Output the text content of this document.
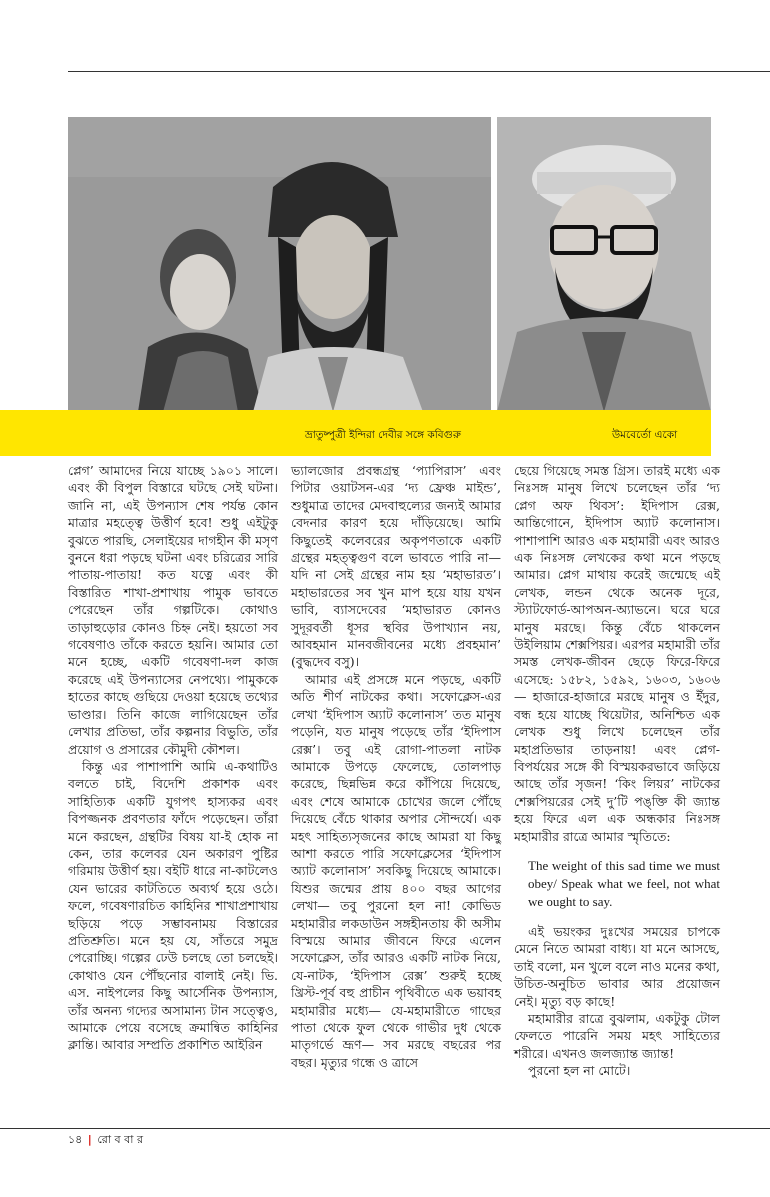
ভ্রাতুষ্পুত্রী ইন্দিরা দেবীর সঙ্গে কবিগুরু	উমবের্তো একো

প্লেগ’ আমাদের নিয়ে যাচ্ছে ১৯০১ সালে। এবং কী বিপুল বিস্তারে ঘটছে সেই ঘটনা। জানি না, এই উপন্যাস শেষ পর্যন্ত কোন মাত্রার মহত্ত্বে উত্তীর্ণ হবে! শুধু এইটুকু বুঝতে পারছি, সেলাইয়ের দাগহীন কী মসৃণ বুননে ধরা পড়ছে ঘটনা এবং চরিত্রের সারি পাতায়-পাতায়! কত যত্নে এবং কী বিস্তারিত শাখা-প্রশাখায় পামুক ভাবতে পেরেছেন তাঁর গল্পটিকে। কোথাও তাড়াহুড়োর কোনও চিহ্ন নেই। হয়তো সব গবেষণাও তাঁকে করতে হয়নি। আমার তো মনে হচ্ছে, একটি গবেষণা-দল কাজ করেছে এই উপন্যাসের নেপথ্যে। পামুককে হাতের কাছে গুছিয়ে দেওয়া হয়েছে তথ্যের ভাণ্ডার। তিনি কাজে লাগিয়েছেন তাঁর লেখার প্রতিভা, তাঁর কল্পনার বিভুতি, তাঁর প্রয়োগ ও প্রসারের কৌমুদী কৌশল।

কিন্তু এর পাশাপাশি আমি এ-কথাটিও বলতে চাই, বিদেশি প্রকাশক এবং সাহিত্যিক একটি যুগপৎ হাস্যকর এবং বিপজ্জনক প্রবণতার ফাঁদে পড়েছেন। তাঁরা মনে করছেন, গ্রন্থটির বিষয় যা-ই হোক না কেন, তার কলেবর যেন অকারণ পুষ্টির গরিমায় উত্তীর্ণ হয়। বইটি ধারে না-কাটলেও যেন ভারের কাটতিতে অব্যর্থ হয়ে ওঠে। ফলে, গবেষণারচিত কাহিনির শাখাপ্রশাখায় ছড়িয়ে পড়ে সম্ভাবনাময় বিস্তারের প্রতিশ্রুতি। মনে হয় যে, সাঁতরে সমুদ্র পেরোচ্ছি। গল্পের ঢেউ চলছে তো চলছেই। কোথাও যেন পৌঁছনোর বালাই নেই। ভি. এস. নাইপলের কিছু আর্সেনিক উপন্যাস, তাঁর অনন্য গদ্যের অসামান্য টান সত্ত্বেও, আমাকে পেয়ে বসেছে ক্রমান্বিত কাহিনির ক্লান্তি। আবার সম্প্রতি প্রকাশিত আইরিন

ভ্যালজোর প্রবন্ধগ্রন্থ ‘প্যাপিরাস’ এবং পিটার ওয়াটসন-এর ‘দ্য ফ্রেঞ্চ মাইন্ড’, শুধুমাত্র তাদের মেদবাহুল্যের জন্যই আমার বেদনার কারণ হয়ে দাঁড়িয়েছে। আমি কিছুতেই কলেবরের অকৃপণতাকে একটি গ্রন্থের মহত্ত্বগুণ বলে ভাবতে পারি না— যদি না সেই গ্রন্থের নাম হয় ‘মহাভারত’। মহাভারতের সব খুন মাপ হয়ে যায় যখন ভাবি, ব্যাসদেবের ‘মহাভারত কোনও সুদূরবর্তী ধূসর স্থবির উপাখ্যান নয়, আবহমান মানবজীবনের মধ্যে প্রবহমান’ (বুদ্ধদেব বসু)।

আমার এই প্রসঙ্গে মনে পড়ছে, একটি অতি শীর্ণ নাটকের কথা। সফোক্লেস-এর লেখা ‘ইদিপাস অ্যাট কলোনাস’ তত মানুষ পড়েনি, যত মানুষ পড়েছে তাঁর ‘ইদিপাস রেক্স’। তবু এই রোগা-পাতলা নাটক আমাকে উপড়ে ফেলেছে, তোলপাড় করেছে, ছিন্নভিন্ন করে কাঁপিয়ে দিয়েছে, এবং শেষে আমাকে চোখের জলে পৌঁছে দিয়েছে বেঁচে থাকার অপার সৌন্দর্যে। এক মহৎ সাহিত্যসৃজনের কাছে আমরা যা কিছু আশা করতে পারি সফোক্লেসের ‘ইদিপাস অ্যাট কলোনাস’ সবকিছু দিয়েছে আমাকে। যিশুর জন্মের প্রায় ৪০০ বছর আগের লেখা— তবু পুরনো হল না! কোভিড মহামারীর লকডাউন সঙ্গহীনতায় কী অসীম বিস্ময়ে আমার জীবনে ফিরে এলেন সফোক্লেস, তাঁর আরও একটি নাটক নিয়ে, যে-নাটক, ‘ইদিপাস রেক্স’ শুরুই হচ্ছে খ্রিস্ট-পূর্ব বহু প্রাচীন পৃথিবীতে এক ভয়াবহ মহামারীর মধ্যে— যে-মহামারীতে গাছের পাতা থেকে ফুল থেকে গাভীর দুধ থেকে মাতৃগর্ভে ভ্রূণ— সব মরছে বছরের পর বছর। মৃত্যুর গন্ধে ও ত্রাসে

ছেয়ে গিয়েছে সমস্ত গ্রিস। তারই মধ্যে এক নিঃসঙ্গ মানুষ লিখে চলেছেন তাঁর ‘দ্য প্লেগ অফ থিবস’: ইদিপাস রেক্স, আন্তিগোনে, ইদিপাস অ্যাট কলোনাস। পাশাপাশি আরও এক মহামারী এবং আরও এক নিঃসঙ্গ লেখকের কথা মনে পড়ছে আমার। প্লেগ মাথায় করেই জন্মেছে এই লেখক, লন্ডন থেকে অনেক দূরে, স্ট্যাটফোর্ড-আপঅন-অ্যাভনে। ঘরে ঘরে মানুষ মরছে। কিন্তু বেঁচে থাকলেন উইলিয়াম শেক্সপিয়র। এরপর মহামারী তাঁর সমস্ত লেখক-জীবন ছেড়ে ফিরে-ফিরে এসেছে: ১৫৮২, ১৫৯২, ১৬০৩, ১৬০৬— হাজারে-হাজারে মরছে মানুষ ও ইঁদুর, বন্ধ হয়ে যাচ্ছে থিয়েটার, অনিশ্চিত এক লেখক শুধু লিখে চলেছেন তাঁর মহাপ্রতিভার তাড়নায়! এবং প্লেগ-বিপর্যয়ের সঙ্গে কী বিস্ময়করভাবে জড়িয়ে আছে তাঁর সৃজন! ‘কিং লিয়র’ নাটকের শেক্সপিয়রের সেই দু’টি পঙ্‌ক্তি কী জ্যান্ত হয়ে ফিরে এল এক অন্ধকার নিঃসঙ্গ মহামারীর রাত্রে আমার স্মৃতিতে:

The weight of this sad time we must obey/ Speak what we feel, not what we ought to say.

এই ভয়ংকর দুঃখের সময়ের চাপকে মেনে নিতে আমরা বাধ্য। যা মনে আসছে, তাই বলো, মন খুলে বলে নাও মনের কথা, উচিত-অনুচিত ভাবার আর প্রয়োজন নেই। মৃত্যু বড় কাছে!

মহামারীর রাত্রে বুঝলাম, একটুকু টোল ফেলতে পারেনি সময় মহৎ সাহিত্যের শরীরে। এখনও জলজ্যান্ত জ্যান্ত!

পুরনো হল না মোটে।

১৪ | রো ব বা র
